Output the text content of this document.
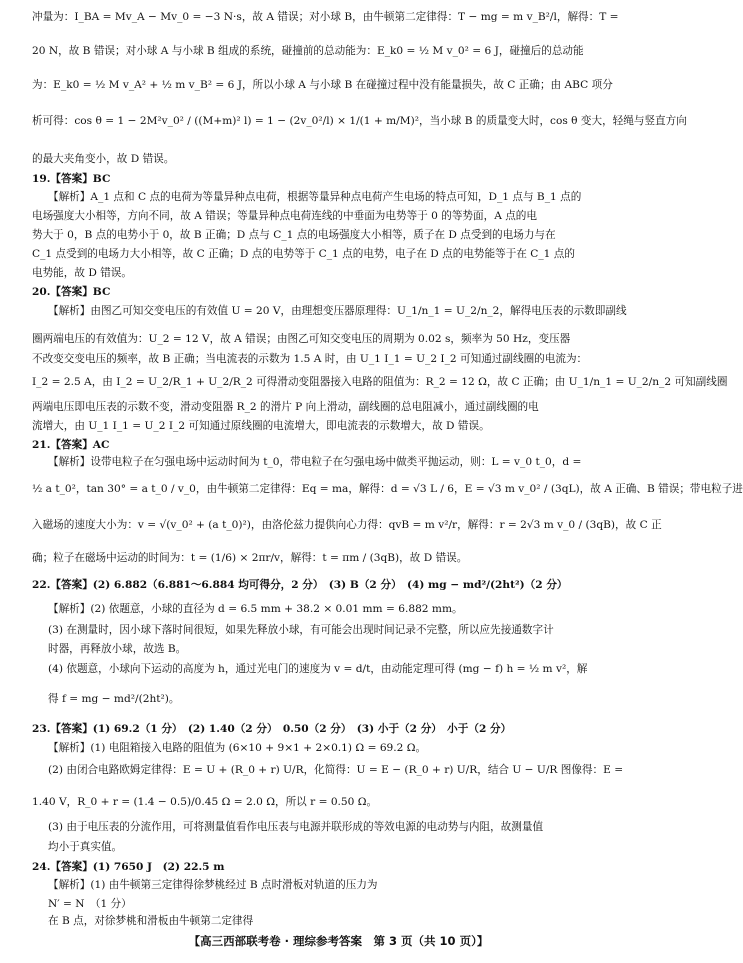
冲量为：I_BA = Mv_A − Mv_0 = −3 N·s，故 A 错误；对小球 B，由牛顿第二定律得：T − mg = m v_B²/l，解得：T =
20 N，故 B 错误；对小球 A 与小球 B 组成的系统，碰撞前的总动能为：E_k0 = ½ M v_0² = 6 J，碰撞后的总动能
为：E_k0 = ½ M v_A² + ½ m v_B² = 6 J，所以小球 A 与小球 B 在碰撞过程中没有能量损失，故 C 正确；由 ABC 项分
析可得：cos θ = 1 − 2M²v_0² / ((M+m)² l) = 1 − (2v_0²/l) × 1/(1 + m/M)²，当小球 B 的质量变大时，cos θ 变大，轻绳与竖直方向
的最大夹角变小，故 D 错误。
19.【答案】BC
【解析】A_1 点和 C 点的电荷为等量异种点电荷，根据等量异种点电荷产生电场的特点可知，D_1 点与 B_1 点的
电场强度大小相等，方向不同，故 A 错误；等量异种点电荷连线的中垂面为电势等于 0 的等势面，A 点的电
势大于 0，B 点的电势小于 0，故 B 正确；D 点与 C_1 点的电场强度大小相等，质子在 D 点受到的电场力与在
C_1 点受到的电场力大小相等，故 C 正确；D 点的电势等于 C_1 点的电势，电子在 D 点的电势能等于在 C_1 点的
电势能，故 D 错误。
20.【答案】BC
【解析】由图乙可知交变电压的有效值 U = 20 V，由理想变压器原理得：U_1/n_1 = U_2/n_2，解得电压表的示数即副线
圈两端电压的有效值为：U_2 = 12 V，故 A 错误；由图乙可知交变电压的周期为 0.02 s，频率为 50 Hz，变压器
不改变交变电压的频率，故 B 正确；当电流表的示数为 1.5 A 时，由 U_1 I_1 = U_2 I_2 可知通过副线圈的电流为：
I_2 = 2.5 A，由 I_2 = U_2/R_1 + U_2/R_2 可得滑动变阻器接入电路的阻值为：R_2 = 12 Ω，故 C 正确；由 U_1/n_1 = U_2/n_2 可知副线圈
两端电压即电压表的示数不变，滑动变阻器 R_2 的滑片 P 向上滑动，副线圈的总电阻减小，通过副线圈的电
流增大，由 U_1 I_1 = U_2 I_2 可知通过原线圈的电流增大，即电流表的示数增大，故 D 错误。
21.【答案】AC
【解析】设带电粒子在匀强电场中运动时间为 t_0，带电粒子在匀强电场中做类平抛运动，则：L = v_0 t_0，d =
½ a t_0²，tan 30° = a t_0 / v_0，由牛顿第二定律得：Eq = ma，解得：d = √3 L / 6，E = √3 m v_0² / (3qL)，故 A 正确、B 错误；带电粒子进
入磁场的速度大小为：v = √(v_0² + (a t_0)²)，由洛伦兹力提供向心力得：qvB = m v²/r，解得：r = 2√3 m v_0 / (3qB)，故 C 正
确；粒子在磁场中运动的时间为：t = (1/6) × 2πr/v，解得：t = πm / (3qB)，故 D 错误。
22.【答案】(2) 6.882（6.881～6.884 均可得分，2 分）　(3) B（2 分）　(4) mg − md²/(2ht²)（2 分）
【解析】(2) 依题意，小球的直径为 d = 6.5 mm + 38.2 × 0.01 mm = 6.882 mm。
(3) 在测量时，因小球下落时间很短，如果先释放小球，有可能会出现时间记录不完整，所以应先接通数字计
时器，再释放小球，故选 B。
(4) 依题意，小球向下运动的高度为 h，通过光电门的速度为 v = d/t，由动能定理可得 (mg − f) h = ½ m v²，解
得 f = mg − md²/(2ht²)。
23.【答案】(1) 69.2（1 分）　(2) 1.40（2 分）　0.50（2 分）　(3) 小于（2 分）　小于（2 分）
【解析】(1) 电阻箱接入电路的阻值为 (6×10 + 9×1 + 2×0.1) Ω = 69.2 Ω。
(2) 由闭合电路欧姆定律得：E = U + (R_0 + r) U/R，化简得：U = E − (R_0 + r) U/R，结合 U − U/R 图像得：E =
1.40 V，R_0 + r = (1.4 − 0.5)/0.45 Ω = 2.0 Ω，所以 r = 0.50 Ω。
(3) 由于电压表的分流作用，可将测量值看作电压表与电源并联形成的等效电源的电动势与内阻，故测量值
均小于真实值。
24.【答案】(1) 7650 J　(2) 22.5 m
【解析】(1) 由牛顿第三定律得徐梦桃经过 B 点时滑板对轨道的压力为
N′ = N　（1 分）
在 B 点，对徐梦桃和滑板由牛顿第二定律得
【高三西部联考卷 · 理综参考答案　第 3 页（共 10 页）】
